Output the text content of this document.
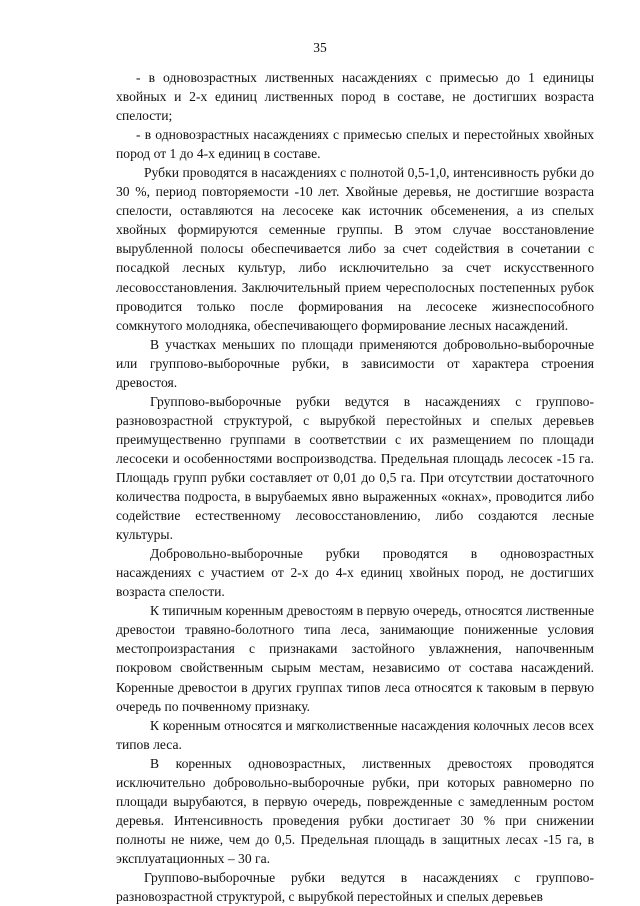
35

- в одновозрастных лиственных насаждениях с примесью до 1 единицы хвойных и 2-х единиц лиственных пород в составе, не достигших возраста спелости;

- в одновозрастных насаждениях с примесью спелых и перестойных хвойных пород от 1 до 4-х единиц в составе.

Рубки проводятся в насаждениях с полнотой 0,5-1,0, интенсивность рубки до 30 %, период повторяемости -10 лет. Хвойные деревья, не достигшие возраста спелости, оставляются на лесосеке как источник обсеменения, а из спелых хвойных формируются семенные группы. В этом случае восстановление вырубленной полосы обеспечивается либо за счет содействия в сочетании с посадкой лесных культур, либо исключительно за счет искусственного лесовосстановления. Заключительный прием чересполосных постепенных рубок проводится только после формирования на лесосеке жизнеспособного сомкнутого молодняка, обеспечивающего формирование лесных насаждений.

В участках меньших по площади применяются добровольно-выборочные или группово-выборочные рубки, в зависимости от характера строения древостоя.

Группово-выборочные рубки ведутся в насаждениях с группово-разновозрастной структурой, с вырубкой перестойных и спелых деревьев преимущественно группами в соответствии с их размещением по площади лесосеки и особенностями воспроизводства. Предельная площадь лесосек -15 га. Площадь групп рубки составляет от 0,01 до 0,5 га. При отсутствии достаточного количества подроста, в вырубаемых явно выраженных «окнах», проводится либо содействие естественному лесовосстановлению, либо создаются лесные культуры.

Добровольно-выборочные рубки проводятся в одновозрастных насаждениях с участием от 2-х до 4-х единиц хвойных пород, не достигших возраста спелости.

К типичным коренным древостоям в первую очередь, относятся лиственные древостои травяно-болотного типа леса, занимающие пониженные условия местопроизрастания с признаками застойного увлажнения, напочвенным покровом свойственным сырым местам, независимо от состава насаждений. Коренные древостои в других группах типов леса относятся к таковым в первую очередь по почвенному признаку.

К коренным относятся и мягколиственные насаждения колочных лесов всех типов леса.

В коренных одновозрастных, лиственных древостоях проводятся исключительно добровольно-выборочные рубки, при которых равномерно по площади вырубаются, в первую очередь, поврежденные с замедленным ростом деревья. Интенсивность проведения рубки достигает 30 % при снижении полноты не ниже, чем до 0,5. Предельная площадь в защитных лесах -15 га, в эксплуатационных – 30 га.

Группово-выборочные рубки ведутся в насаждениях с группово-разновозрастной структурой, с вырубкой перестойных и спелых деревьев
